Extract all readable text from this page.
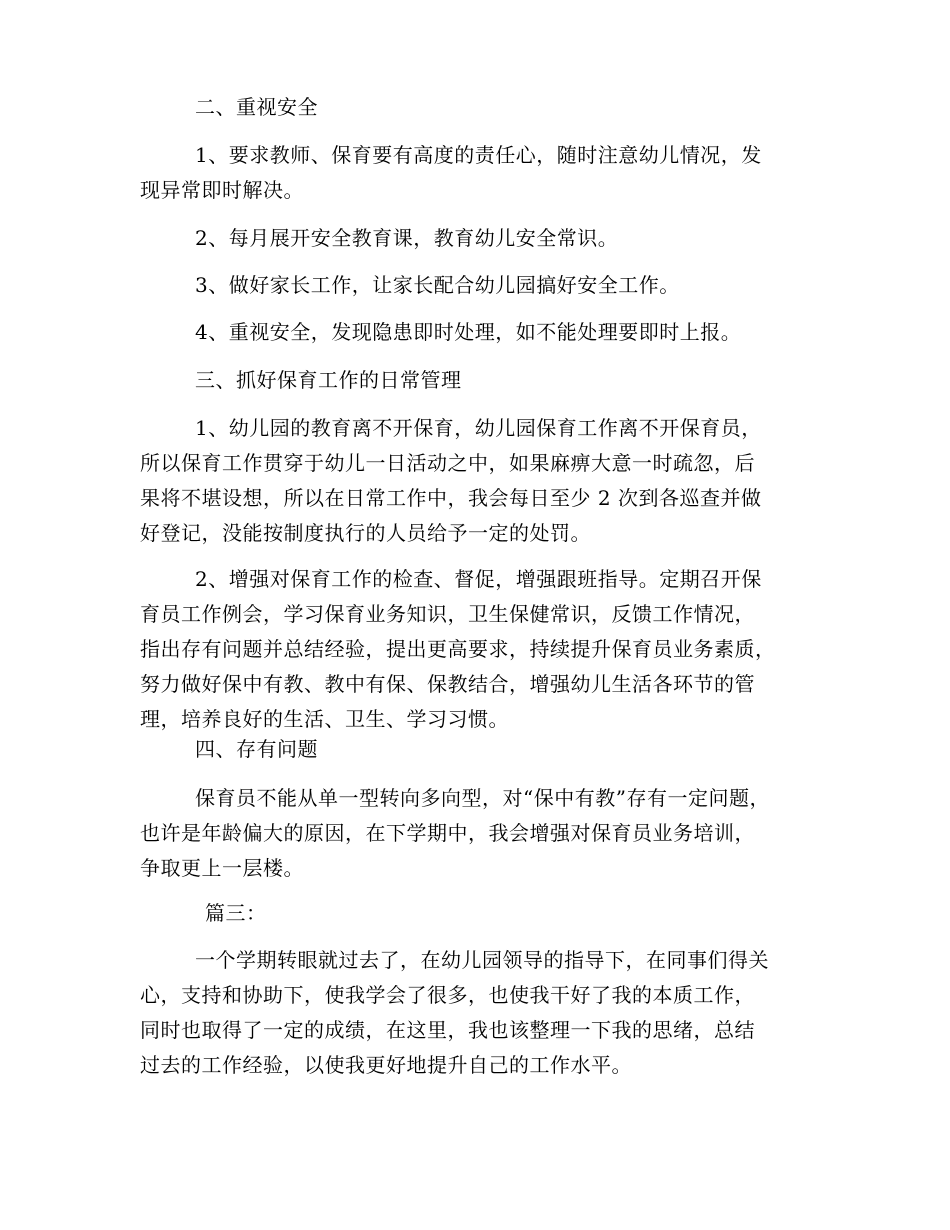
二、重视安全
1、要求教师、保育要有高度的责任心，随时注意幼儿情况，发
现异常即时解决。
2、每月展开安全教育课，教育幼儿安全常识。
3、做好家长工作，让家长配合幼儿园搞好安全工作。
4、重视安全，发现隐患即时处理，如不能处理要即时上报。
三、抓好保育工作的日常管理
1、幼儿园的教育离不开保育，幼儿园保育工作离不开保育员，
所以保育工作贯穿于幼儿一日活动之中，如果麻痹大意一时疏忽，后
果将不堪设想，所以在日常工作中，我会每日至少 2 次到各巡查并做
好登记，没能按制度执行的人员给予一定的处罚。
2、增强对保育工作的检查、督促，增强跟班指导。定期召开保
育员工作例会，学习保育业务知识，卫生保健常识，反馈工作情况，
指出存有问题并总结经验，提出更高要求，持续提升保育员业务素质，
努力做好保中有教、教中有保、保教结合，增强幼儿生活各环节的管
理，培养良好的生活、卫生、学习习惯。
四、存有问题
保育员不能从单一型转向多向型，对“保中有教”存有一定问题，
也许是年龄偏大的原因，在下学期中，我会增强对保育员业务培训，
争取更上一层楼。
篇三：
一个学期转眼就过去了，在幼儿园领导的指导下，在同事们得关
心，支持和协助下，使我学会了很多，也使我干好了我的本质工作，
同时也取得了一定的成绩，在这里，我也该整理一下我的思绪，总结
过去的工作经验，以使我更好地提升自己的工作水平。
